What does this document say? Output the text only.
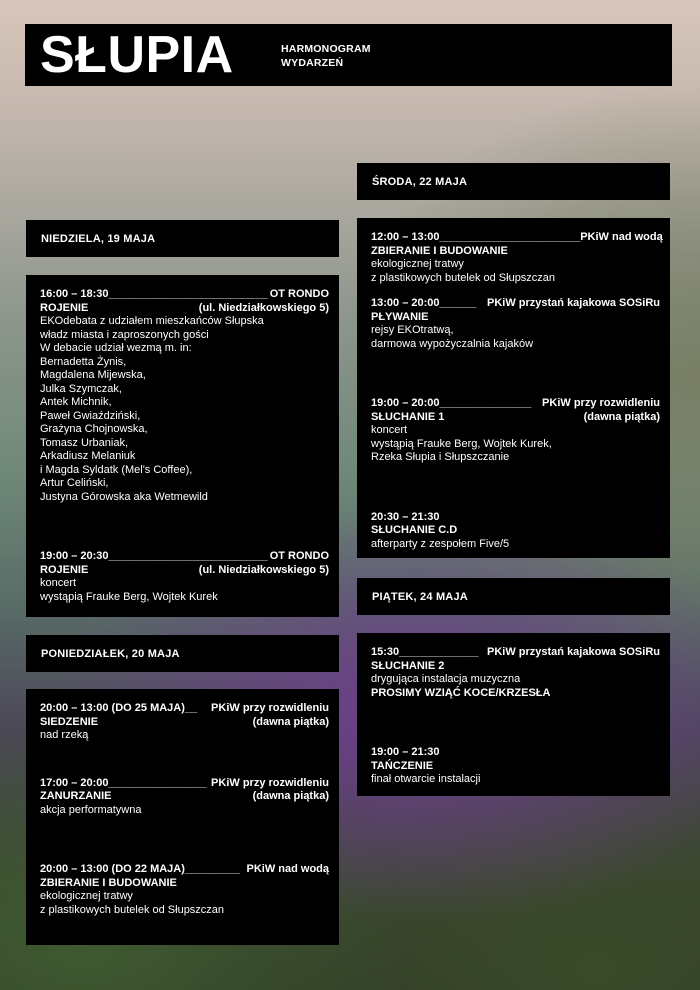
SŁUPIA	HARMONOGRAM
WYDARZEŃ
NIEDZIELA, 19 MAJA
16:00 – 18:30__________________________ OT RONDO
ROJENIE	(ul. Niedziałkowskiego 5)
EKOdebata z udziałem mieszkańców Słupska
władz miasta i zaproszonych gości
W debacie udział wezmą m. in:
Bernadetta Żynis,
Magdalena Mijewska,
Julka Szymczak,
Antek Michnik,
Paweł Gwiaździński,
Grażyna Chojnowska,
Tomasz Urbaniak,
Arkadiusz Melaniuk
i Magda Syldatk (Mel's Coffee),
Artur Celiński,
Justyna Górowska aka Wetmewild
19:00 – 20:30__________________________ OT RONDO
ROJENIE	(ul. Niedziałkowskiego 5)
koncert
wystąpią Frauke Berg, Wojtek Kurek
PONIEDZIAŁEK, 20 MAJA
20:00 – 13:00 (DO 25 MAJA)__ PKiW przy rozwidleniu
SIEDZENIE	(dawna piątka)
nad rzeką
17:00 – 20:00________________ PKiW przy rozwidleniu
ZANURZANIE	(dawna piątka)
akcja performatywna
20:00 – 13:00 (DO 22 MAJA)_________ PKiW nad wodą
ZBIERANIE I BUDOWANIE
ekologicznej tratwy
z plastikowych butelek od Słupszczan
ŚRODA, 22 MAJA
12:00 – 13:00_______________________ PKiW nad wodą
ZBIERANIE I BUDOWANIE
ekologicznej tratwy
z plastikowych butelek od Słupszczan
13:00 – 20:00______ PKiW przystań kajakowa SOSiRu
PŁYWANIE
rejsy EKOtratwą,
darmowa wypożyczalnia kajaków
19:00 – 20:00_______________ PKiW przy rozwidleniu
SŁUCHANIE 1	(dawna piątka)
koncert
wystąpią Frauke Berg, Wojtek Kurek,
Rzeka Słupia i Słupszczanie
20:30 – 21:30
SŁUCHANIE C.D
afterparty z zespołem Five/5
PIĄTEK, 24 MAJA
15:30_____________ PKiW przystań kajakowa SOSiRu
SŁUCHANIE 2
drygująca instalacja muzyczna
PROSIMY WZIĄĆ KOCE/KRZESŁA
19:00 – 21:30
TAŃCZENIE
finał otwarcie instalacji
